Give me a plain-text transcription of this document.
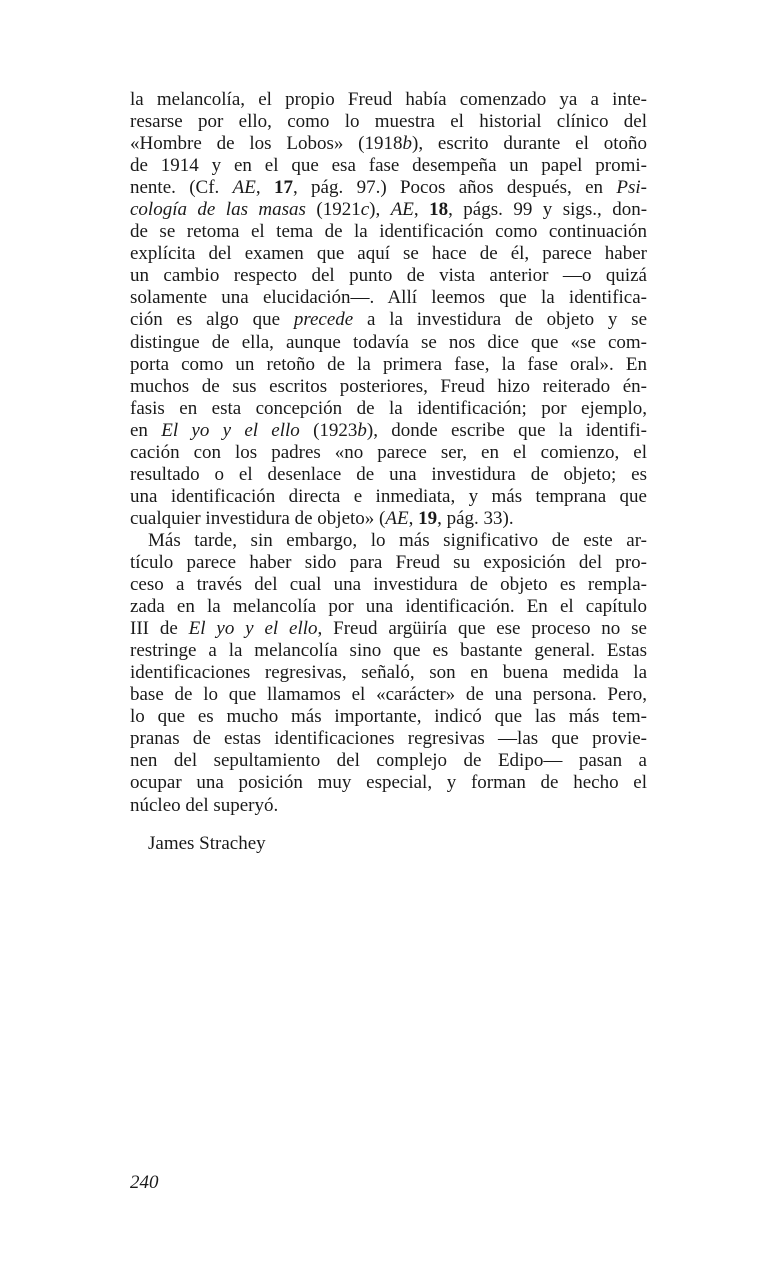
la melancolía, el propio Freud había comenzado ya a inte-
resarse por ello, como lo muestra el historial clínico del
«Hombre de los Lobos» (1918b), escrito durante el otoño
de 1914 y en el que esa fase desempeña un papel promi-
nente. (Cf. AE, 17, pág. 97.) Pocos años después, en Psi-
cología de las masas (1921c), AE, 18, págs. 99 y sigs., don-
de se retoma el tema de la identificación como continuación
explícita del examen que aquí se hace de él, parece haber
un cambio respecto del punto de vista anterior —o quizá
solamente una elucidación—. Allí leemos que la identifica-
ción es algo que precede a la investidura de objeto y se
distingue de ella, aunque todavía se nos dice que «se com-
porta como un retoño de la primera fase, la fase oral». En
muchos de sus escritos posteriores, Freud hizo reiterado én-
fasis en esta concepción de la identificación; por ejemplo,
en El yo y el ello (1923b), donde escribe que la identifi-
cación con los padres «no parece ser, en el comienzo, el
resultado o el desenlace de una investidura de objeto; es
una identificación directa e inmediata, y más temprana que
cualquier investidura de objeto» (AE, 19, pág. 33).
Más tarde, sin embargo, lo más significativo de este ar-
tículo parece haber sido para Freud su exposición del pro-
ceso a través del cual una investidura de objeto es rempla-
zada en la melancolía por una identificación. En el capítulo
III de El yo y el ello, Freud argüiría que ese proceso no se
restringe a la melancolía sino que es bastante general. Estas
identificaciones regresivas, señaló, son en buena medida la
base de lo que llamamos el «carácter» de una persona. Pero,
lo que es mucho más importante, indicó que las más tem-
pranas de estas identificaciones regresivas —las que provie-
nen del sepultamiento del complejo de Edipo— pasan a
ocupar una posición muy especial, y forman de hecho el
núcleo del superyó.
James Strachey
240
